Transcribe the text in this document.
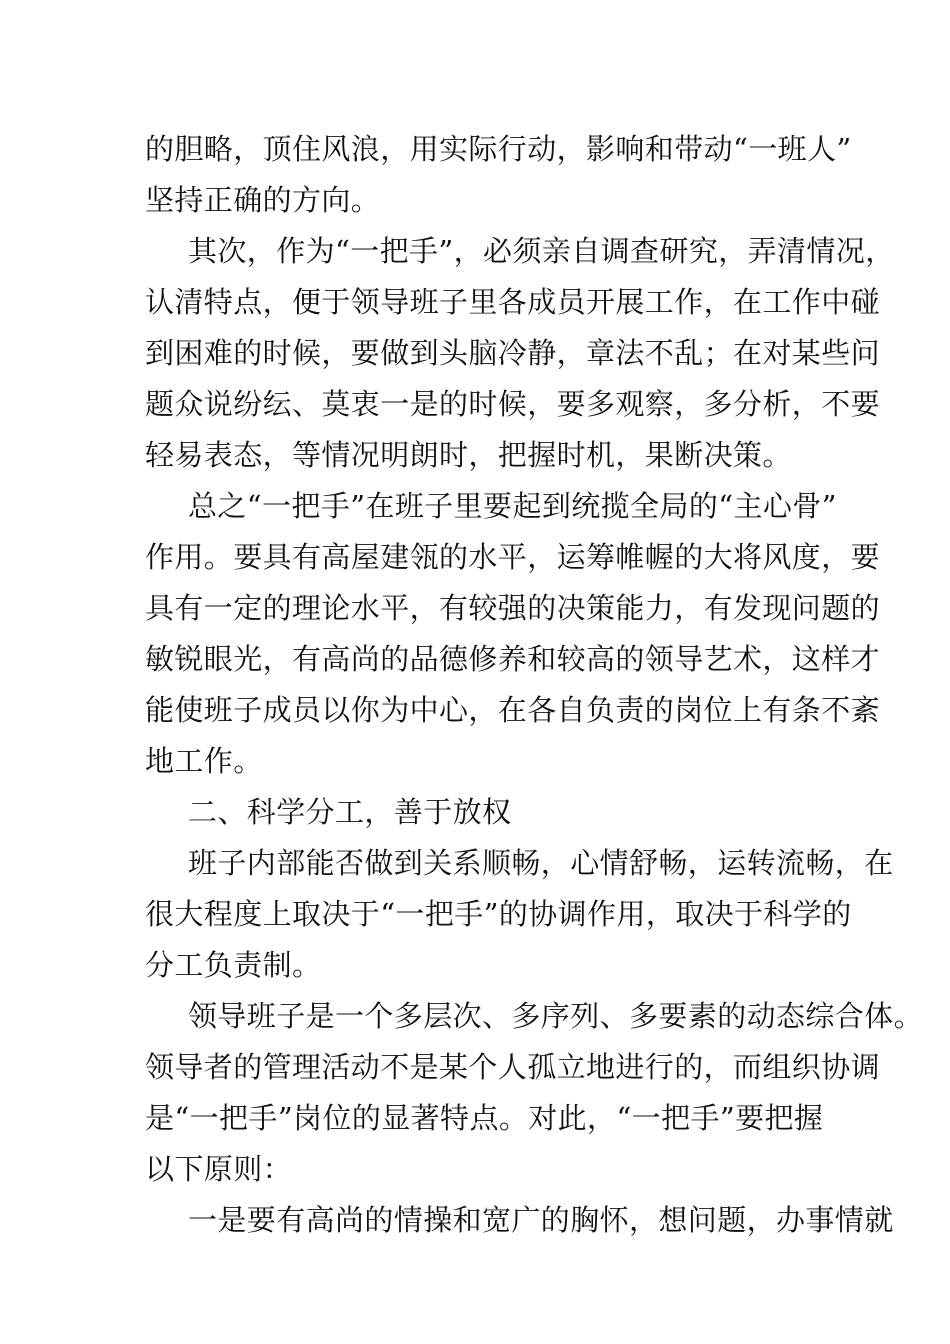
的胆略，顶住风浪，用实际行动，影响和带动“一班人”
坚持正确的方向。
其次，作为“一把手”，必须亲自调查研究，弄清情况，
认清特点，便于领导班子里各成员开展工作，在工作中碰
到困难的时候，要做到头脑冷静，章法不乱；在对某些问
题众说纷纭、莫衷一是的时候，要多观察，多分析，不要
轻易表态，等情况明朗时，把握时机，果断决策。
总之“一把手”在班子里要起到统揽全局的“主心骨”
作用。要具有高屋建瓴的水平，运筹帷幄的大将风度，要
具有一定的理论水平，有较强的决策能力，有发现问题的
敏锐眼光，有高尚的品德修养和较高的领导艺术，这样才
能使班子成员以你为中心，在各自负责的岗位上有条不紊
地工作。
二、科学分工，善于放权
班子内部能否做到关系顺畅，心情舒畅，运转流畅，在
很大程度上取决于“一把手”的协调作用，取决于科学的
分工负责制。
领导班子是一个多层次、多序列、多要素的动态综合体。
领导者的管理活动不是某个人孤立地进行的，而组织协调
是“一把手”岗位的显著特点。对此，“一把手”要把握
以下原则：
一是要有高尚的情操和宽广的胸怀，想问题，办事情就
